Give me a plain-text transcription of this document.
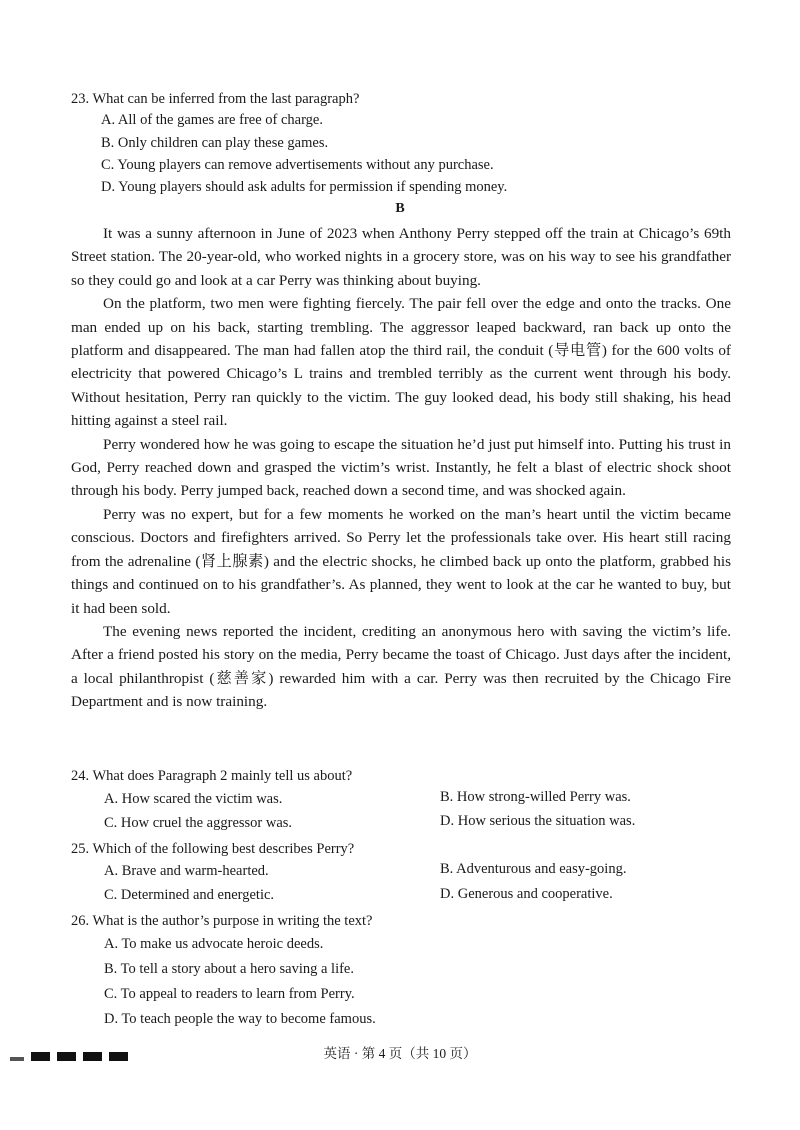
23. What can be inferred from the last paragraph?
A. All of the games are free of charge.
B. Only children can play these games.
C. Young players can remove advertisements without any purchase.
D. Young players should ask adults for permission if spending money.
B

It was a sunny afternoon in June of 2023 when Anthony Perry stepped off the train at Chicago’s 69th Street station. The 20-year-old, who worked nights in a grocery store, was on his way to see his grandfather so they could go and look at a car Perry was thinking about buying.

On the platform, two men were fighting fiercely. The pair fell over the edge and onto the tracks. One man ended up on his back, starting trembling. The aggressor leaped backward, ran back up onto the platform and disappeared. The man had fallen atop the third rail, the conduit (导电管) for the 600 volts of electricity that powered Chicago’s L trains and trembled terribly as the current went through his body. Without hesitation, Perry ran quickly to the victim. The guy looked dead, his body still shaking, his head hitting against a steel rail.

Perry wondered how he was going to escape the situation he’d just put himself into. Putting his trust in God, Perry reached down and grasped the victim’s wrist. Instantly, he felt a blast of electric shock shoot through his body. Perry jumped back, reached down a second time, and was shocked again.

Perry was no expert, but for a few moments he worked on the man’s heart until the victim became conscious. Doctors and firefighters arrived. So Perry let the professionals take over. His heart still racing from the adrenaline (肾上腺素) and the electric shocks, he climbed back up onto the platform, grabbed his things and continued on to his grandfather’s. As planned, they went to look at the car he wanted to buy, but it had been sold.

The evening news reported the incident, crediting an anonymous hero with saving the victim’s life. After a friend posted his story on the media, Perry became the toast of Chicago. Just days after the incident, a local philanthropist (慈善家) rewarded him with a car. Perry was then recruited by the Chicago Fire Department and is now training.

24. What does Paragraph 2 mainly tell us about?
A. How scared the victim was.	B. How strong-willed Perry was.
C. How cruel the aggressor was.	D. How serious the situation was.
25. Which of the following best describes Perry?
A. Brave and warm-hearted.	B. Adventurous and easy-going.
C. Determined and energetic.	D. Generous and cooperative.
26. What is the author’s purpose in writing the text?
A. To make us advocate heroic deeds.
B. To tell a story about a hero saving a life.
C. To appeal to readers to learn from Perry.
D. To teach people the way to become famous.
英语 · 第 4 页（共 10 页）
